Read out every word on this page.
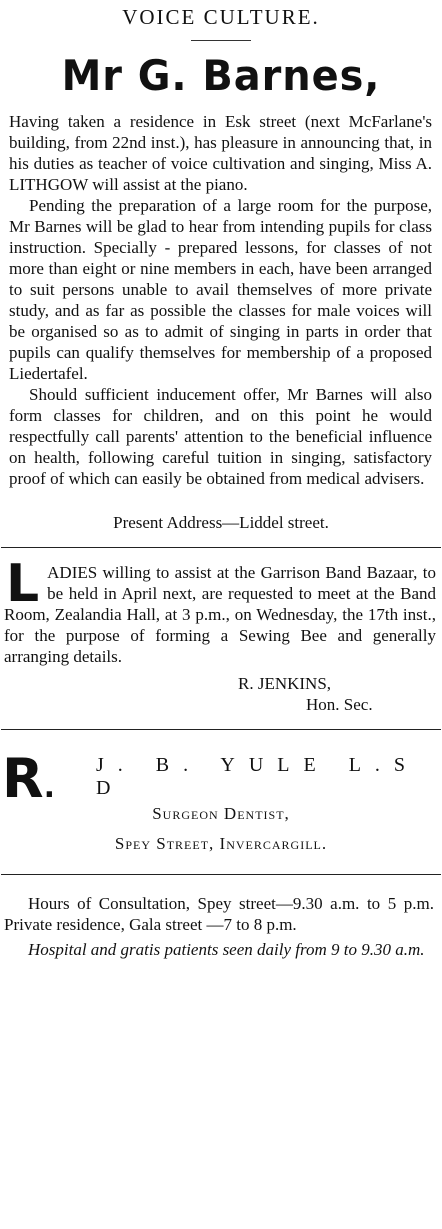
VOICE CULTURE.
Mr G. Barnes,

Having taken a residence in Esk street (next McFarlane's building, from 22nd inst.), has pleasure in announcing that, in his duties as teacher of voice cultivation and singing, Miss A. LITHGOW will assist at the piano.

Pending the preparation of a large room for the purpose, Mr Barnes will be glad to hear from intending pupils for class instruction. Specially - prepared lessons, for classes of not more than eight or nine members in each, have been arranged to suit persons unable to avail themselves of more private study, and as far as possible the classes for male voices will be organised so as to admit of singing in parts in order that pupils can qualify themselves for membership of a proposed Liedertafel.

Should sufficient inducement offer, Mr Barnes will also form classes for children, and on this point he would respectfully call parents' attention to the beneficial influence on health, following careful tuition in singing, satisfactory proof of which can easily be obtained from medical advisers.

Present Address—Liddel street.
L ADIES willing to assist at the Garrison Band Bazaar, to be held in April next, are requested to meet at the Band Room, Zealandia Hall, at 3 p.m., on Wednesday, the 17th inst., for the purpose of forming a Sewing Bee and generally arranging details.
R. JENKINS,
Hon. Sec.
R.
J. B. YULE L.S D
Surgeon Dentist,
Spey Street, Invercargill.

Hours of Consultation, Spey street—9.30 a.m. to 5 p.m. Private residence, Gala street —7 to 8 p.m.

Hospital and gratis patients seen daily from 9 to 9.30 a.m.
